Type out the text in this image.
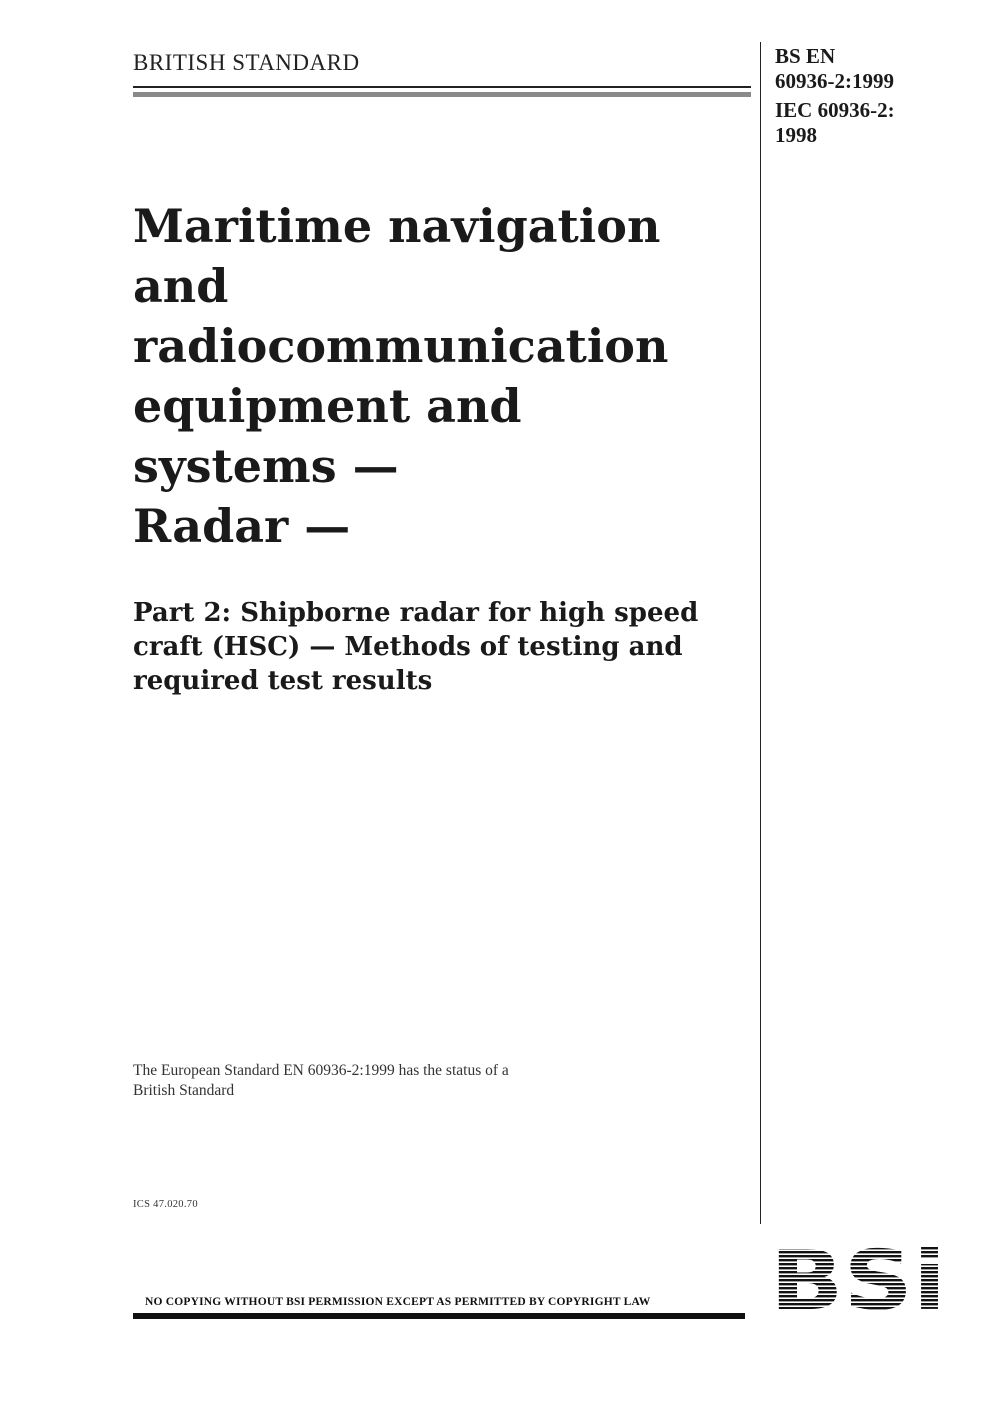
BRITISH STANDARD	BS EN
60936-2:1999
IEC 60936-2:
1998
Maritime navigation
and
radiocommunication
equipment and
systems —
Radar —
Part 2: Shipborne radar for high speed
craft (HSC) — Methods of testing and
required test results
The European Standard EN 60936-2:1999 has the status of a
British Standard
ICS 47.020.70
NO COPYING WITHOUT BSI PERMISSION EXCEPT AS PERMITTED BY COPYRIGHT LAW
